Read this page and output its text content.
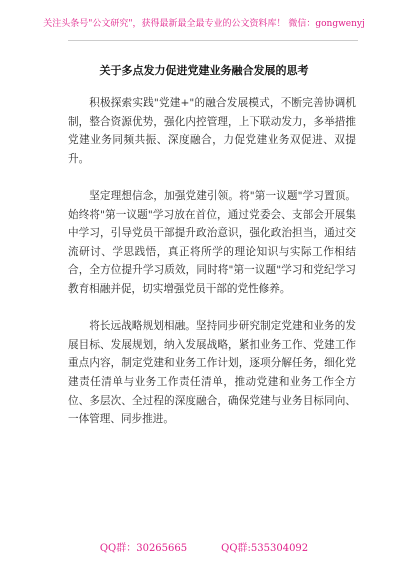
关注头条号"公文研究"，获得最新最全最专业的公文资料库！ 微信：gongwenyj
关于多点发力促进党建业务融合发展的思考

积极探索实践"党建+"的融合发展模式，不断完善协调机制，整合资源优势，强化内控管理，上下联动发力，多举措推党建业务同频共振、深度融合，力促党建业务双促进、双提升。

坚定理想信念，加强党建引领。将"第一议题"学习置顶。始终将"第一议题"学习放在首位，通过党委会、支部会开展集中学习，引导党员干部提升政治意识，强化政治担当，通过交流研讨、学思践悟，真正将所学的理论知识与实际工作相结合，全方位提升学习质效，同时将"第一议题"学习和党纪学习教育相融并促，切实增强党员干部的党性修养。

将长远战略规划相融。坚持同步研究制定党建和业务的发展目标、发展规划，纳入发展战略，紧扣业务工作、党建工作重点内容，制定党建和业务工作计划，逐项分解任务，细化党建责任清单与业务工作责任清单，推动党建和业务工作全方位、多层次、全过程的深度融合，确保党建与业务目标同向、一体管理、同步推进。

QQ群：30265665	QQ群:535304092
